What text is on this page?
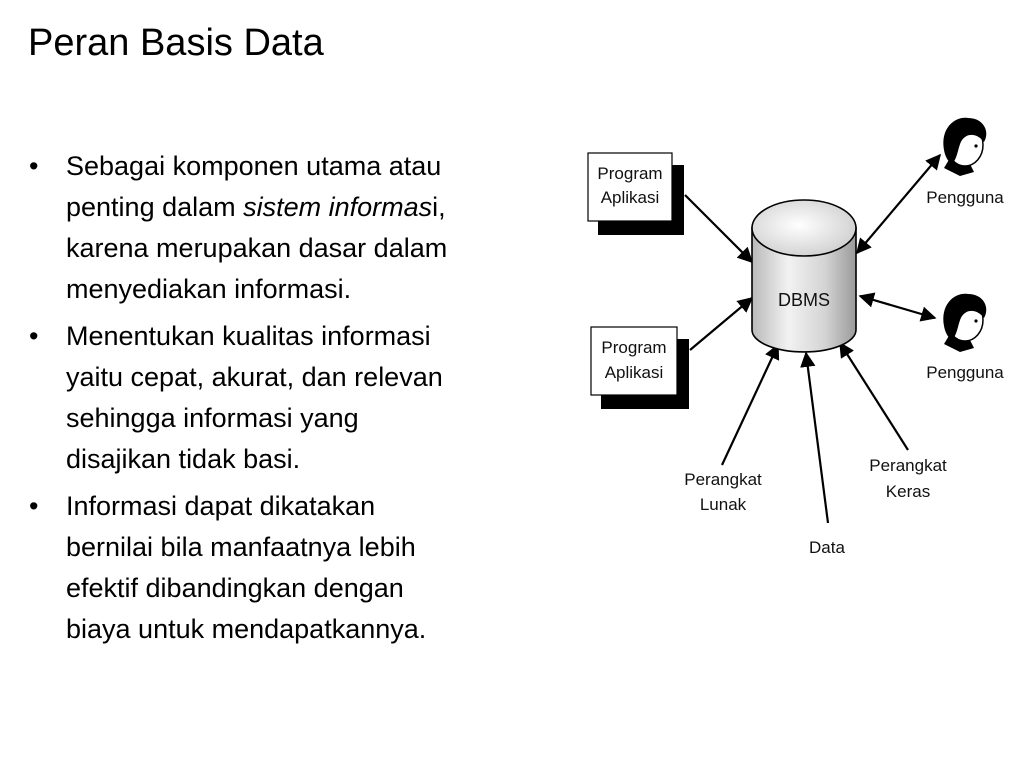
Peran Basis Data
• Sebagai komponen utama atau
penting dalam sistem informasi,
karena merupakan dasar dalam
menyediakan informasi.
• Menentukan kualitas informasi
yaitu cepat, akurat, dan relevan
sehingga informasi yang
disajikan tidak basi.
• Informasi dapat dikatakan
bernilai bila manfaatnya lebih
efektif dibandingkan dengan
biaya untuk mendapatkannya.
DBMS
Program
Aplikasi
Program
Aplikasi
Pengguna
Pengguna
Perangkat
Lunak
Perangkat
Keras
Data
